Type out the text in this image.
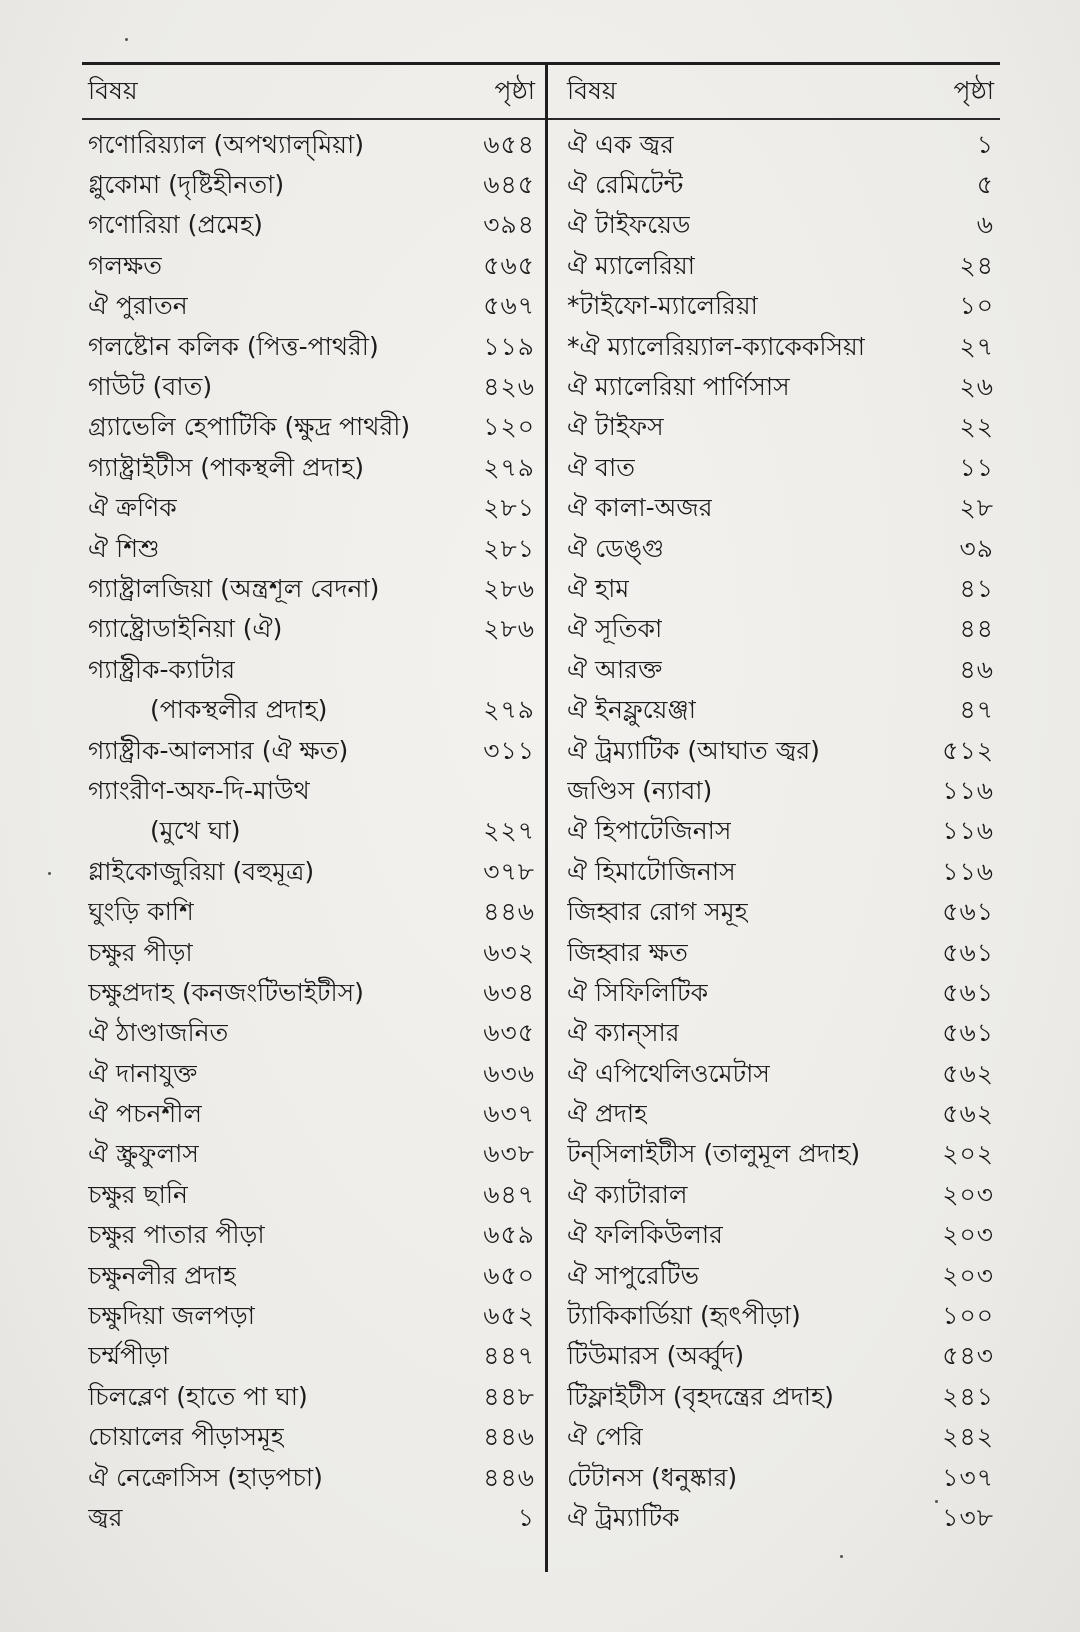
বিষয়	পৃষ্ঠা
গণোরিয়্যাল (অপথ্যাল্‌মিয়া)	৬৫৪
গ্লুকোমা (দৃষ্টিহীনতা)	৬৪৫
গণোরিয়া (প্রমেহ)	৩৯৪
গলক্ষত	৫৬৫
ঐ পুরাতন	৫৬৭
গলষ্টোন কলিক (পিত্ত-পাথরী)	১১৯
গাউট (বাত)	৪২৬
গ্র্যাভেলি হেপাটিকি (ক্ষুদ্র পাথরী)	১২০
গ্যাষ্ট্রাইটীস (পাকস্থলী প্রদাহ)	২৭৯
ঐ ক্রণিক	২৮১
ঐ শিশু	২৮১
গ্যাষ্ট্রালজিয়া (অন্ত্রশূল বেদনা)	২৮৬
গ্যাষ্ট্রোডাইনিয়া (ঐ)	২৮৬
গ্যাষ্ট্রীক-ক্যাটার
(পাকস্থলীর প্রদাহ)	২৭৯
গ্যাষ্ট্রীক-আলসার (ঐ ক্ষত)	৩১১
গ্যাংরীণ-অফ-দি-মাউথ
(মুখে ঘা)	২২৭
গ্লাইকোজুরিয়া (বহুমূত্র)	৩৭৮
ঘুংড়ি কাশি	৪৪৬
চক্ষুর পীড়া	৬৩২
চক্ষুপ্রদাহ (কনজংটিভাইটীস)	৬৩৪
ঐ ঠাণ্ডাজনিত	৬৩৫
ঐ দানাযুক্ত	৬৩৬
ঐ পচনশীল	৬৩৭
ঐ স্ক্রুফুলাস	৬৩৮
চক্ষুর ছানি	৬৪৭
চক্ষুর পাতার পীড়া	৬৫৯
চক্ষুনলীর প্রদাহ	৬৫০
চক্ষুদিয়া জলপড়া	৬৫২
চর্ম্মপীড়া	৪৪৭
চিলব্লেণ (হাতে পা ঘা)	৪৪৮
চোয়ালের পীড়াসমূহ	৪৪৬
ঐ নেক্রোসিস (হাড়পচা)	৪৪৬
জ্বর	১
বিষয়	পৃষ্ঠা
ঐ এক জ্বর	১
ঐ রেমিটেন্ট	৫
ঐ টাইফয়েড	৬
ঐ ম্যালেরিয়া	২৪
*টাইফো-ম্যালেরিয়া	১০
*ঐ ম্যালেরিয়্যাল-ক্যাকেকসিয়া	২৭
ঐ ম্যালেরিয়া পার্ণিসাস	২৬
ঐ টাইফস	২২
ঐ বাত	১১
ঐ কালা-অজর	২৮
ঐ ডেঙ্গু	৩৯
ঐ হাম	৪১
ঐ সূতিকা	৪৪
ঐ আরক্ত	৪৬
ঐ ইনফ্লুয়েঞ্জা	৪৭
ঐ ট্রম্যাটিক (আঘাত জ্বর)	৫১২
জণ্ডিস (ন্যাবা)	১১৬
ঐ হিপাটেজিনাস	১১৬
ঐ হিমাটোজিনাস	১১৬
জিহ্বার রোগ সমূহ	৫৬১
জিহ্বার ক্ষত	৫৬১
ঐ সিফিলিটিক	৫৬১
ঐ ক্যান্‌সার	৫৬১
ঐ এপিথেলিওমেটাস	৫৬২
ঐ প্রদাহ	৫৬২
টন্‌সিলাইটীস (তালুমূল প্রদাহ)	২০২
ঐ ক্যাটারাল	২০৩
ঐ ফলিকিউলার	২০৩
ঐ সাপুরেটিভ	২০৩
ট্যাকিকার্ডিয়া (হৃৎপীড়া)	১০০
টিউমারস (অর্ব্বুদ)	৫৪৩
টিফ্লাইটীস (বৃহদন্ত্রের প্রদাহ)	২৪১
ঐ পেরি	২৪২
টেটানস (ধনুষ্কার)	১৩৭
ঐ ট্রম্যাটিক	১৩৮
